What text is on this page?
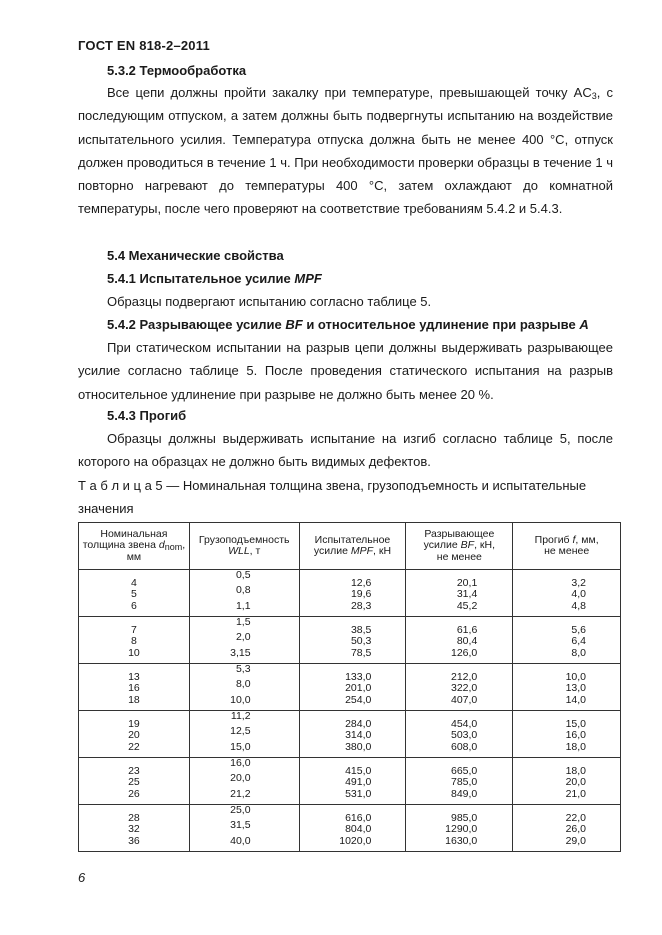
ГОСТ EN 818-2–2011
5.3.2 Термообработка

Все цепи должны пройти закалку при температуре, превышающей точку $AC_3$, с последующим отпуском, а затем должны быть подвергнуты испытанию на воздействие испытательного усилия. Температура отпуска должна быть не менее 400 °С, отпуск должен проводиться в течение 1 ч. При необходимости проверки образцы в течение 1 ч повторно нагревают до температуры 400 °С, затем охлаждают до комнатной температуры, после чего проверяют на соответствие требованиям 5.4.2 и 5.4.3.

5.4 Механические свойства
5.4.1 Испытательное усилие MPF
Образцы подвергают испытанию согласно таблице 5.
5.4.2 Разрывающее усилие BF и относительное удлинение при разрыве A

При статическом испытании на разрыв цепи должны выдерживать разрывающее усилие согласно таблице 5. После проведения статического испытания на разрыв относительное удлинение при разрыве не должно быть менее 20 %.

5.4.3 Прогиб

Образцы должны выдерживать испытание на изгиб согласно таблице 5, после которого на образцах не должно быть видимых дефектов.

Т а б л и ц а 5 — Номинальная толщина звена, грузоподъемность и испытательные
значения
Номинальная толщина звена $d_{nom}$,
мм	Грузоподъемность
WLL, т	Испытательное усилие MPF, кН	Разрывающее усилие BF, кН,
не менее	Прогиб f, мм,
не менее

4
5
6	0,5
0,8
1,1	12,6
19,6
28,3	20,1
31,4
45,2	3,2
4,0
4,8

7
8
10	1,5
2,0
3,15	38,5
50,3
78,5	61,6
80,4
126,0	5,6
6,4
8,0

13
16
18	5,3
8,0
10,0	133,0
201,0
254,0	212,0
322,0
407,0	10,0
13,0
14,0

19
20
22	11,2
12,5
15,0	284,0
314,0
380,0	454,0
503,0
608,0	15,0
16,0
18,0

23
25
26	16,0
20,0
21,2	415,0
491,0
531,0	665,0
785,0
849,0	18,0
20,0
21,0

28
32
36	25,0
31,5
40,0	616,0
804,0
1020,0	985,0
1290,0
1630,0	22,0
26,0
29,0
6
